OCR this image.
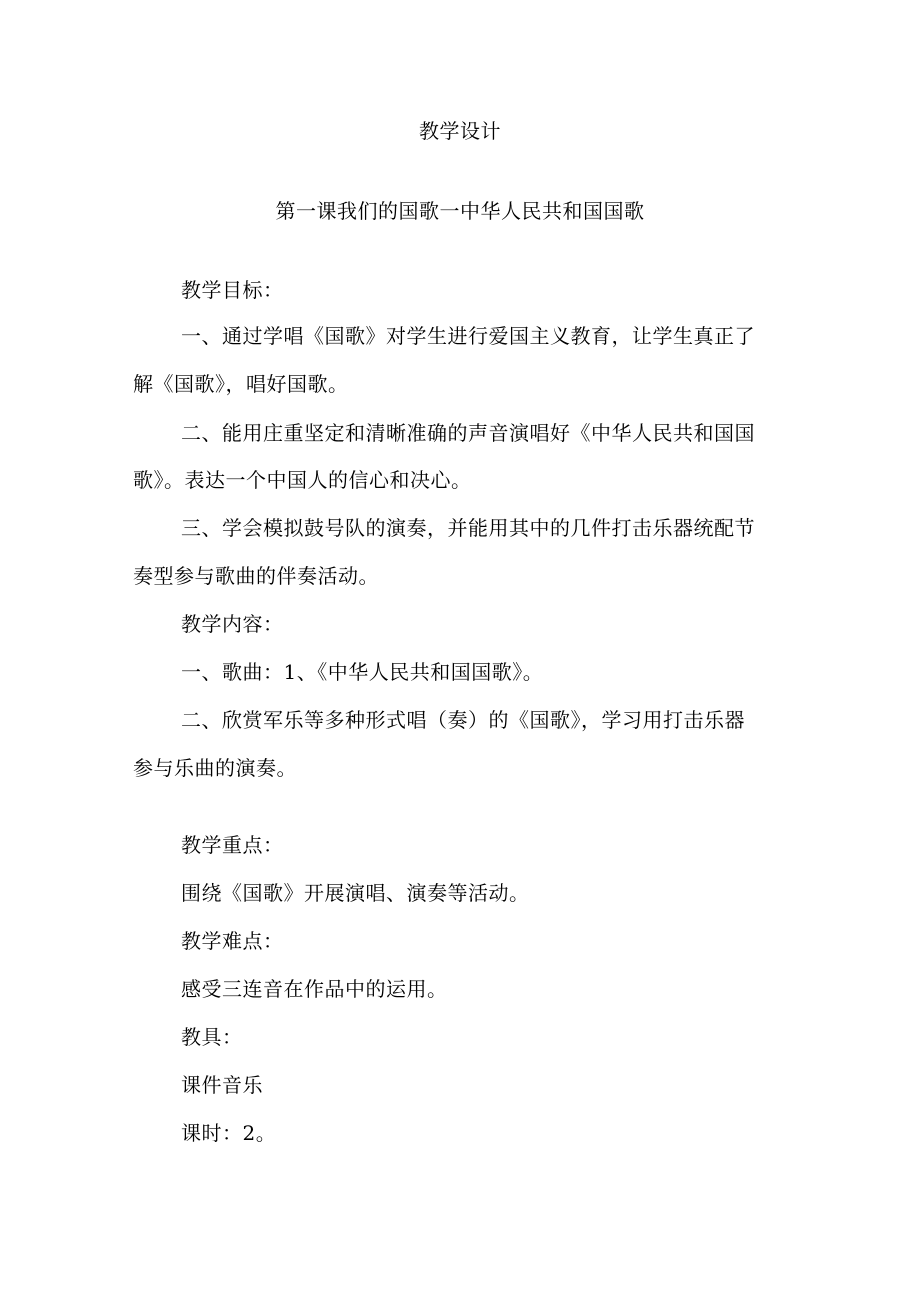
教学设计
第一课我们的国歌一中华人民共和国国歌
教学目标：
一、通过学唱《国歌》对学生进行爱国主义教育，让学生真正了
解《国歌》，唱好国歌。
二、能用庄重坚定和清晰准确的声音演唱好《中华人民共和国国
歌》。表达一个中国人的信心和决心。
三、学会模拟鼓号队的演奏，并能用其中的几件打击乐器统配节
奏型参与歌曲的伴奏活动。
教学内容：
一、歌曲：1、《中华人民共和国国歌》。
二、欣赏军乐等多种形式唱（奏）的《国歌》，学习用打击乐器
参与乐曲的演奏。
教学重点：
围绕《国歌》开展演唱、演奏等活动。
教学难点：
感受三连音在作品中的运用。
教具：
课件音乐
课时：2。
